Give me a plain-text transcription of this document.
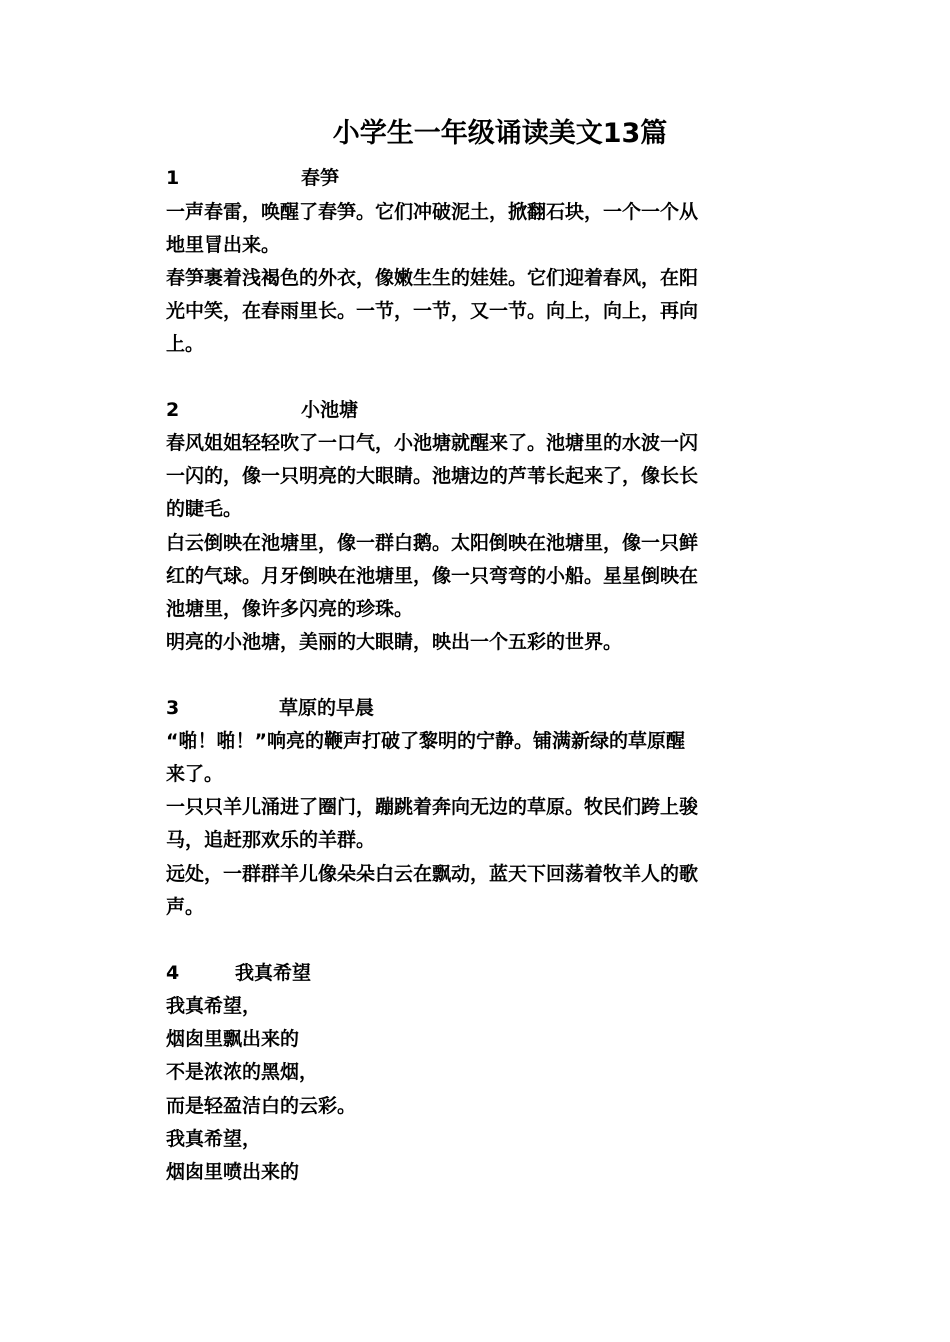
小学生一年级诵读美文13篇
1	春笋
一声春雷，唤醒了春笋。它们冲破泥土，掀翻石块，一个一个从
地里冒出来。
春笋裹着浅褐色的外衣，像嫩生生的娃娃。它们迎着春风，在阳
光中笑，在春雨里长。一节，一节，又一节。向上，向上，再向
上。
2	小池塘
春风姐姐轻轻吹了一口气，小池塘就醒来了。池塘里的水波一闪
一闪的，像一只明亮的大眼睛。池塘边的芦苇长起来了，像长长
的睫毛。
白云倒映在池塘里，像一群白鹅。太阳倒映在池塘里，像一只鲜
红的气球。月牙倒映在池塘里，像一只弯弯的小船。星星倒映在
池塘里，像许多闪亮的珍珠。
明亮的小池塘，美丽的大眼睛，映出一个五彩的世界。
3	草原的早晨
“啪！啪！”响亮的鞭声打破了黎明的宁静。铺满新绿的草原醒
来了。
一只只羊儿涌进了圈门，蹦跳着奔向无边的草原。牧民们跨上骏
马，追赶那欢乐的羊群。
远处，一群群羊儿像朵朵白云在飘动，蓝天下回荡着牧羊人的歌
声。
4	我真希望
我真希望，
烟囱里飘出来的
不是浓浓的黑烟，
而是轻盈洁白的云彩。
我真希望，
烟囱里喷出来的
